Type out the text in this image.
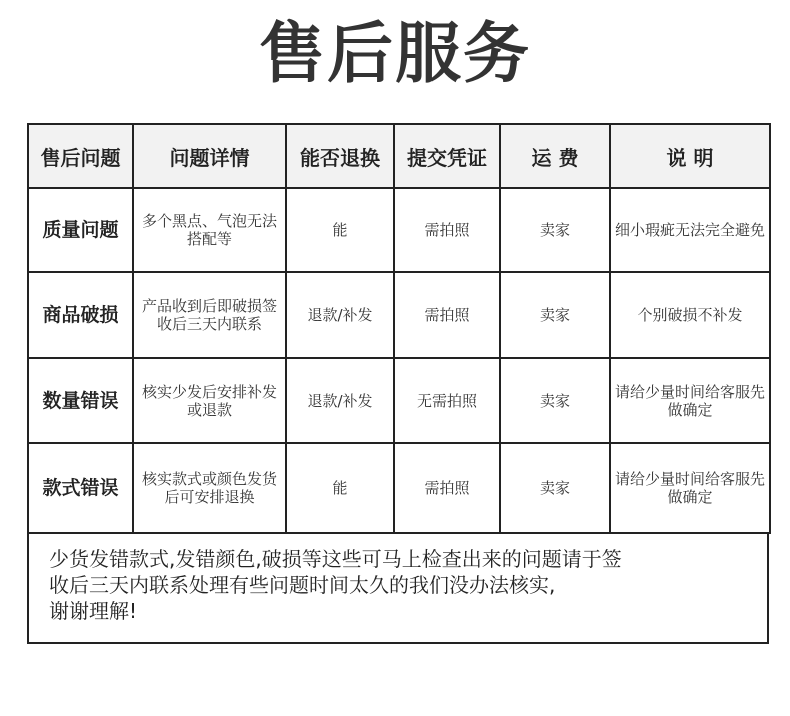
售后服务
售后问题	问题详情	能否退换	提交凭证	运 费	说 明
质量问题	多个黑点、气泡无法搭配等	能	需拍照	卖家	细小瑕疵无法完全避免
商品破损	产品收到后即破损签收后三天内联系	退款/补发	需拍照	卖家	个别破损不补发
数量错误	核实少发后安排补发或退款	退款/补发	无需拍照	卖家	请给少量时间给客服先做确定
款式错误	核实款式或颜色发货后可安排退换	能	需拍照	卖家	请给少量时间给客服先做确定

少货发错款式,发错颜色,破损等这些可马上检查出来的问题请于签

收后三天内联系处理有些问题时间太久的我们没办法核实,

谢谢理解!
